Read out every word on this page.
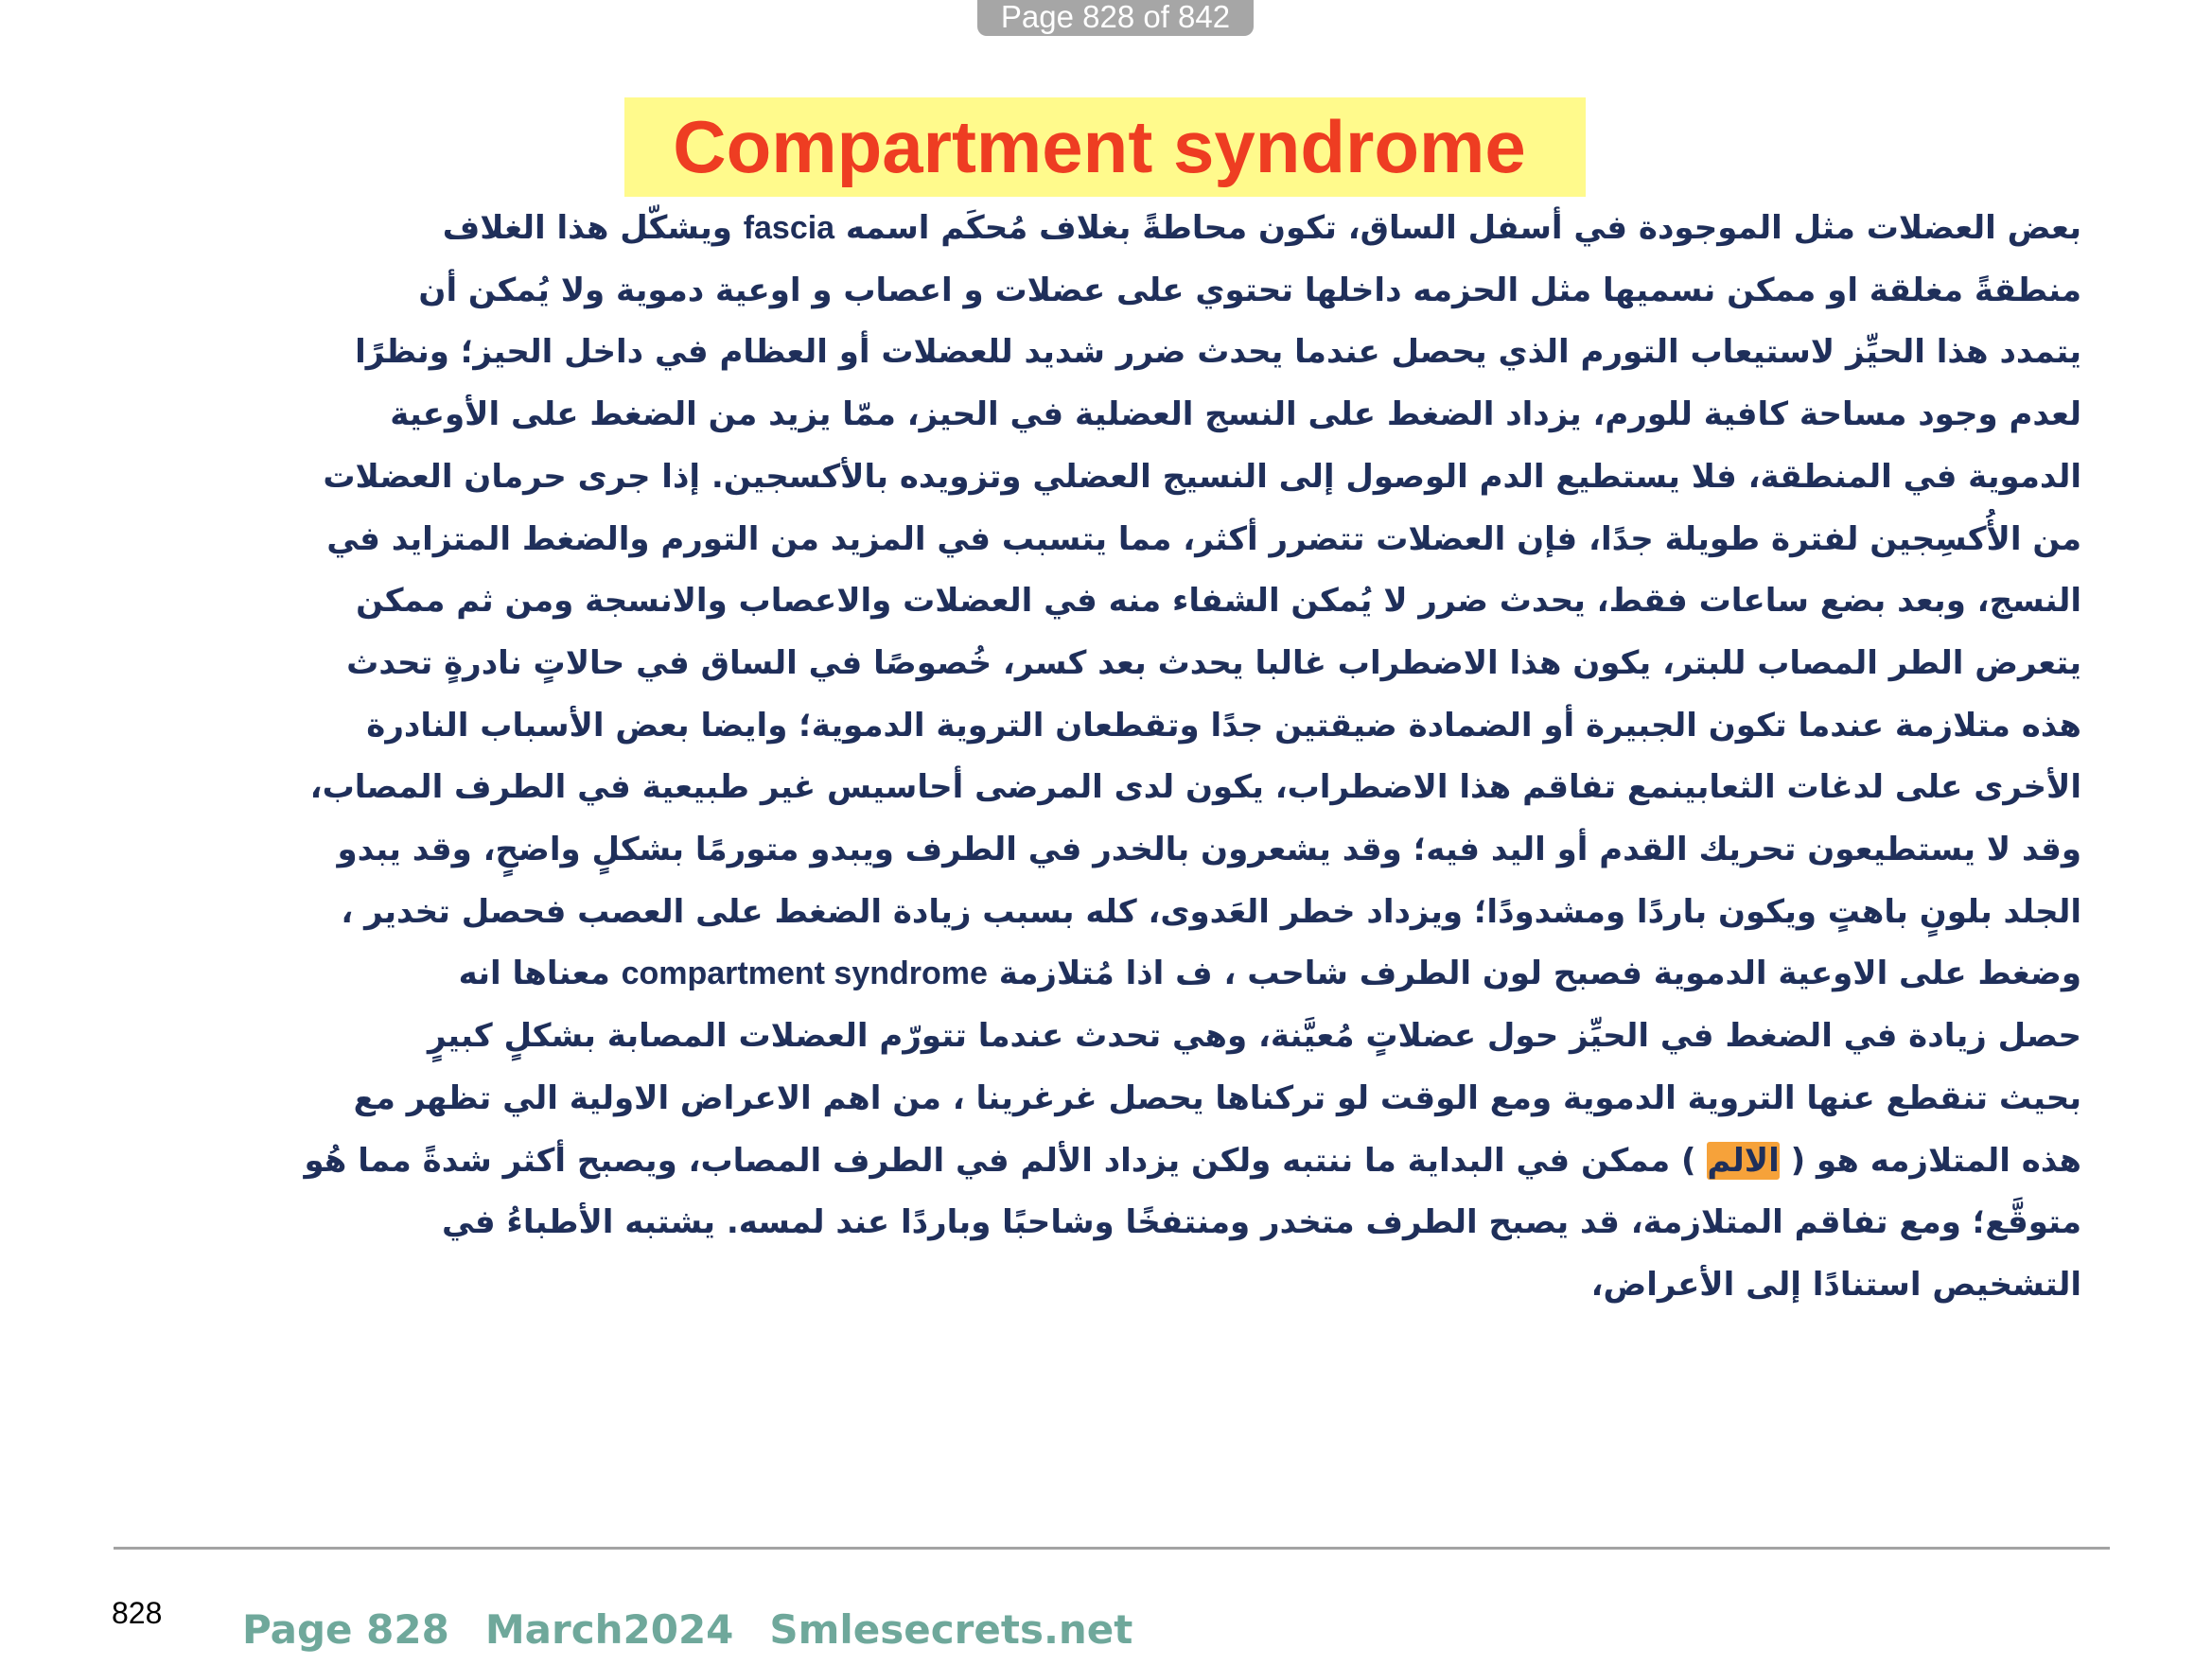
Page 828 of 842
Compartment syndrome
بعض العضلات مثل الموجودة في أسفل الساق، تكون محاطةً بغلاف مُحكَم اسمه fascia ويشكّل هذا الغلاف
منطقةً مغلقة او ممكن نسميها مثل الحزمه داخلها تحتوي على عضلات و اعصاب و اوعية دموية ولا يُمكن أن
يتمدد هذا الحيِّز لاستيعاب التورم الذي يحصل عندما يحدث ضرر شديد للعضلات أو العظام في داخل الحيز؛ ونظرًا
لعدم وجود مساحة كافية للورم، يزداد الضغط على النسج العضلية في الحيز، ممّا يزيد من الضغط على الأوعية
الدموية في المنطقة، فلا يستطيع الدم الوصول إلى النسيج العضلي وتزويده بالأكسجين. إذا جرى حرمان العضلات
من الأُكسِجين لفترة طويلة جدًا، فإن العضلات تتضرر أكثر، مما يتسبب في المزيد من التورم والضغط المتزايد في
النسج، وبعد بضع ساعات فقط، يحدث ضرر لا يُمكن الشفاء منه في العضلات والاعصاب والانسجة ومن ثم ممكن
يتعرض الطر المصاب للبتر، يكون هذا الاضطراب غالبا يحدث بعد كسر، خُصوصًا في الساق في حالاتٍ نادرةٍ تحدث
هذه متلازمة عندما تكون الجبيرة أو الضمادة ضيقتين جدًا وتقطعان التروية الدموية؛ وايضا بعض الأسباب النادرة
الأخرى على لدغات الثعابينمع تفاقم هذا الاضطراب، يكون لدى المرضى أحاسيس غير طبيعية في الطرف المصاب،
وقد لا يستطيعون تحريك القدم أو اليد فيه؛ وقد يشعرون بالخدر في الطرف ويبدو متورمًا بشكلٍ واضحٍ، وقد يبدو
الجلد بلونٍ باهتٍ ويكون باردًا ومشدودًا؛ ويزداد خطر العَدوى، كله بسبب زيادة الضغط على العصب فحصل تخدير ،
وضغط على الاوعية الدموية فصبح لون الطرف شاحب ، ف اذا مُتلازمة compartment syndrome معناها انه
حصل زيادة في الضغط في الحيِّز حول عضلاتٍ مُعيَّنة، وهي تحدث عندما تتورّم العضلات المصابة بشكلٍ كبيرٍ
بحيث تنقطع عنها التروية الدموية ومع الوقت لو تركناها يحصل غرغرينا ، من اهم الاعراض الاولية الي تظهر مع
هذه المتلازمه هو ( الالم ) ممكن في البداية ما ننتبه ولكن يزداد الألم في الطرف المصاب، ويصبح أكثر شدةً مما هُو
متوقَّع؛ ومع تفاقم المتلازمة، قد يصبح الطرف متخدر ومنتفخًا وشاحبًا وباردًا عند لمسه. يشتبه الأطباءُ في
التشخيص استنادًا إلى الأعراض،
828 Page 828 March2024 Smlesecrets.net
